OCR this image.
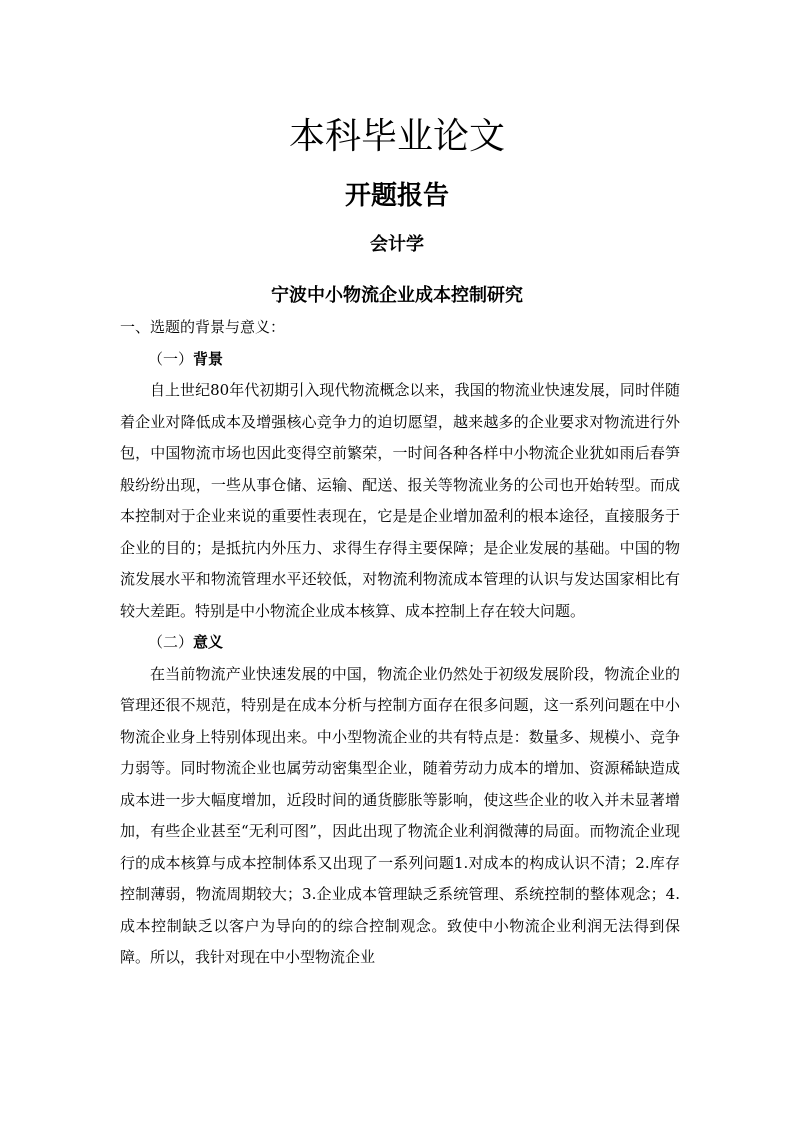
本科毕业论文
开题报告
会计学
宁波中小物流企业成本控制研究

一、选题的背景与意义：

（一）背景

自上世纪80年代初期引入现代物流概念以来，我国的物流业快速发展，同时伴随着企业对降低成本及增强核心竞争力的迫切愿望，越来越多的企业要求对物流进行外包，中国物流市场也因此变得空前繁荣，一时间各种各样中小物流企业犹如雨后春笋般纷纷出现，一些从事仓储、运输、配送、报关等物流业务的公司也开始转型。而成本控制对于企业来说的重要性表现在，它是是企业增加盈利的根本途径，直接服务于企业的目的；是抵抗内外压力、求得生存得主要保障；是企业发展的基础。中国的物流发展水平和物流管理水平还较低，对物流利物流成本管理的认识与发达国家相比有较大差距。特别是中小物流企业成本核算、成本控制上存在较大问题。

（二）意义

在当前物流产业快速发展的中国，物流企业仍然处于初级发展阶段，物流企业的管理还很不规范，特别是在成本分析与控制方面存在很多问题，这一系列问题在中小物流企业身上特别体现出来。中小型物流企业的共有特点是：数量多、规模小、竞争力弱等。同时物流企业也属劳动密集型企业，随着劳动力成本的增加、资源稀缺造成成本进一步大幅度增加，近段时间的通货膨胀等影响，使这些企业的收入并未显著增加，有些企业甚至“无利可图”，因此出现了物流企业利润微薄的局面。而物流企业现行的成本核算与成本控制体系又出现了一系列问题1.对成本的构成认识不清；2.库存控制薄弱，物流周期较大；3.企业成本管理缺乏系统管理、系统控制的整体观念；4.成本控制缺乏以客户为导向的的综合控制观念。致使中小物流企业利润无法得到保障。所以，我针对现在中小型物流企业
